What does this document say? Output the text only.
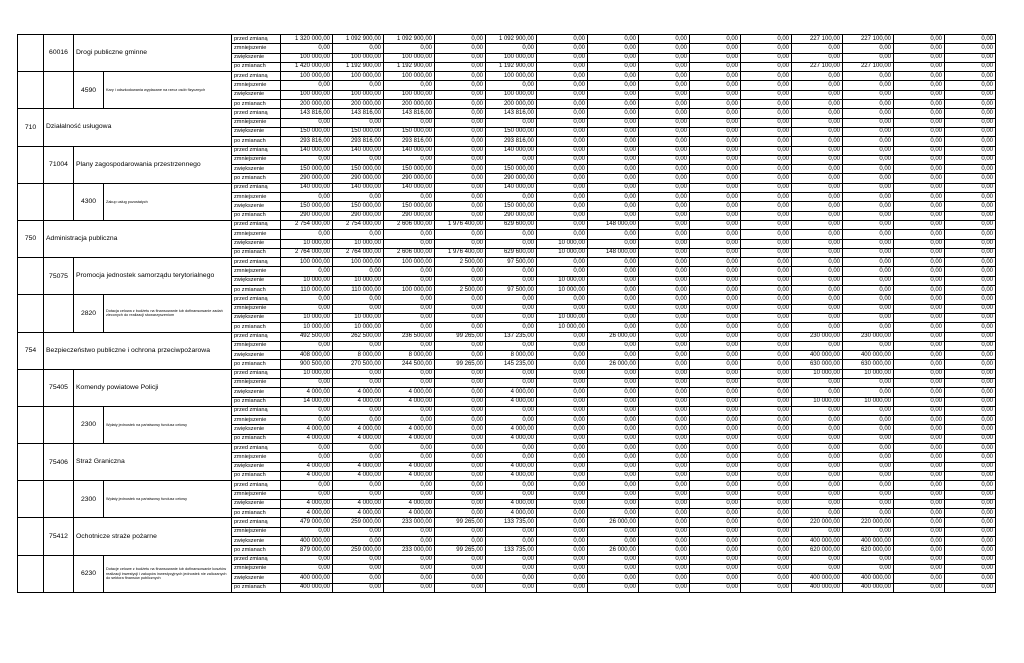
	60016	Drogi publiczne gminne		przed zmianą	1 320 000,00	1 092 900,00	1 092 900,00	0,00	1 092 900,00	0,00	0,00	0,00	0,00	0,00	227 100,00	227 100,00	0,00	0,00
				zmniejszenie	0,00	0,00	0,00	0,00	0,00	0,00	0,00	0,00	0,00	0,00	0,00	0,00	0,00	0,00
				zwiększenie	100 000,00	100 000,00	100 000,00	0,00	100 000,00	0,00	0,00	0,00	0,00	0,00	0,00	0,00	0,00	0,00
				po zmianach	1 420 000,00	1 192 900,00	1 192 900,00	0,00	1 192 900,00	0,00	0,00	0,00	0,00	0,00	227 100,00	227 100,00	0,00	0,00
		4590	Kary i odszkodowania wypłacane na rzecz osób fizycznych	przed zmianą	100 000,00	100 000,00	100 000,00	0,00	100 000,00	0,00	0,00	0,00	0,00	0,00	0,00	0,00	0,00	0,00
				zmniejszenie	0,00	0,00	0,00	0,00	0,00	0,00	0,00	0,00	0,00	0,00	0,00	0,00	0,00	0,00
				zwiększenie	100 000,00	100 000,00	100 000,00	0,00	100 000,00	0,00	0,00	0,00	0,00	0,00	0,00	0,00	0,00	0,00
				po zmianach	200 000,00	200 000,00	200 000,00	0,00	200 000,00	0,00	0,00	0,00	0,00	0,00	0,00	0,00	0,00	0,00
710	Działalność usługowa			przed zmianą	143 816,00	143 816,00	143 816,00	0,00	143 816,00	0,00	0,00	0,00	0,00	0,00	0,00	0,00	0,00	0,00
				zmniejszenie	0,00	0,00	0,00	0,00	0,00	0,00	0,00	0,00	0,00	0,00	0,00	0,00	0,00	0,00
				zwiększenie	150 000,00	150 000,00	150 000,00	0,00	150 000,00	0,00	0,00	0,00	0,00	0,00	0,00	0,00	0,00	0,00
				po zmianach	293 816,00	293 816,00	293 816,00	0,00	293 816,00	0,00	0,00	0,00	0,00	0,00	0,00	0,00	0,00	0,00
	71004	Plany zagospodarowania przestrzennego		przed zmianą	140 000,00	140 000,00	140 000,00	0,00	140 000,00	0,00	0,00	0,00	0,00	0,00	0,00	0,00	0,00	0,00
				zmniejszenie	0,00	0,00	0,00	0,00	0,00	0,00	0,00	0,00	0,00	0,00	0,00	0,00	0,00	0,00
				zwiększenie	150 000,00	150 000,00	150 000,00	0,00	150 000,00	0,00	0,00	0,00	0,00	0,00	0,00	0,00	0,00	0,00
				po zmianach	290 000,00	290 000,00	290 000,00	0,00	290 000,00	0,00	0,00	0,00	0,00	0,00	0,00	0,00	0,00	0,00
		4300	Zakup usług pozostałych	przed zmianą	140 000,00	140 000,00	140 000,00	0,00	140 000,00	0,00	0,00	0,00	0,00	0,00	0,00	0,00	0,00	0,00
				zmniejszenie	0,00	0,00	0,00	0,00	0,00	0,00	0,00	0,00	0,00	0,00	0,00	0,00	0,00	0,00
				zwiększenie	150 000,00	150 000,00	150 000,00	0,00	150 000,00	0,00	0,00	0,00	0,00	0,00	0,00	0,00	0,00	0,00
				po zmianach	290 000,00	290 000,00	290 000,00	0,00	290 000,00	0,00	0,00	0,00	0,00	0,00	0,00	0,00	0,00	0,00
750	Administracja publiczna			przed zmianą	2 754 000,00	2 754 000,00	2 606 000,00	1 976 400,00	629 600,00	0,00	148 000,00	0,00	0,00	0,00	0,00	0,00	0,00	0,00
				zmniejszenie	0,00	0,00	0,00	0,00	0,00	0,00	0,00	0,00	0,00	0,00	0,00	0,00	0,00	0,00
				zwiększenie	10 000,00	10 000,00	0,00	0,00	0,00	10 000,00	0,00	0,00	0,00	0,00	0,00	0,00	0,00	0,00
				po zmianach	2 764 000,00	2 764 000,00	2 606 000,00	1 976 400,00	629 600,00	10 000,00	148 000,00	0,00	0,00	0,00	0,00	0,00	0,00	0,00
	75075	Promocja jednostek samorządu terytorialnego		przed zmianą	100 000,00	100 000,00	100 000,00	2 500,00	97 500,00	0,00	0,00	0,00	0,00	0,00	0,00	0,00	0,00	0,00
				zmniejszenie	0,00	0,00	0,00	0,00	0,00	0,00	0,00	0,00	0,00	0,00	0,00	0,00	0,00	0,00
				zwiększenie	10 000,00	10 000,00	0,00	0,00	0,00	10 000,00	0,00	0,00	0,00	0,00	0,00	0,00	0,00	0,00
				po zmianach	110 000,00	110 000,00	100 000,00	2 500,00	97 500,00	10 000,00	0,00	0,00	0,00	0,00	0,00	0,00	0,00	0,00
		2820	Dotacja celowa z budżetu na finansowanie lub dofinansowanie zadań zleconych do realizacji stowarzyszeniom	przed zmianą	0,00	0,00	0,00	0,00	0,00	0,00	0,00	0,00	0,00	0,00	0,00	0,00	0,00	0,00
				zmniejszenie	0,00	0,00	0,00	0,00	0,00	0,00	0,00	0,00	0,00	0,00	0,00	0,00	0,00	0,00
				zwiększenie	10 000,00	10 000,00	0,00	0,00	0,00	10 000,00	0,00	0,00	0,00	0,00	0,00	0,00	0,00	0,00
				po zmianach	10 000,00	10 000,00	0,00	0,00	0,00	10 000,00	0,00	0,00	0,00	0,00	0,00	0,00	0,00	0,00
754	Bezpieczeństwo publiczne i ochrona przeciwpożarowa			przed zmianą	492 500,00	262 500,00	236 500,00	99 265,00	137 235,00	0,00	26 000,00	0,00	0,00	0,00	230 000,00	230 000,00	0,00	0,00
				zmniejszenie	0,00	0,00	0,00	0,00	0,00	0,00	0,00	0,00	0,00	0,00	0,00	0,00	0,00	0,00
				zwiększenie	408 000,00	8 000,00	8 000,00	0,00	8 000,00	0,00	0,00	0,00	0,00	0,00	400 000,00	400 000,00	0,00	0,00
				po zmianach	900 500,00	270 500,00	244 500,00	99 265,00	145 235,00	0,00	26 000,00	0,00	0,00	0,00	630 000,00	630 000,00	0,00	0,00
	75405	Komendy powiatowe Policji		przed zmianą	10 000,00	0,00	0,00	0,00	0,00	0,00	0,00	0,00	0,00	0,00	10 000,00	10 000,00	0,00	0,00
				zmniejszenie	0,00	0,00	0,00	0,00	0,00	0,00	0,00	0,00	0,00	0,00	0,00	0,00	0,00	0,00
				zwiększenie	4 000,00	4 000,00	4 000,00	0,00	4 000,00	0,00	0,00	0,00	0,00	0,00	0,00	0,00	0,00	0,00
				po zmianach	14 000,00	4 000,00	4 000,00	0,00	4 000,00	0,00	0,00	0,00	0,00	0,00	10 000,00	10 000,00	0,00	0,00
		2300	Wpłaty jednostek na państwowy fundusz celowy	przed zmianą	0,00	0,00	0,00	0,00	0,00	0,00	0,00	0,00	0,00	0,00	0,00	0,00	0,00	0,00
				zmniejszenie	0,00	0,00	0,00	0,00	0,00	0,00	0,00	0,00	0,00	0,00	0,00	0,00	0,00	0,00
				zwiększenie	4 000,00	4 000,00	4 000,00	0,00	4 000,00	0,00	0,00	0,00	0,00	0,00	0,00	0,00	0,00	0,00
				po zmianach	4 000,00	4 000,00	4 000,00	0,00	4 000,00	0,00	0,00	0,00	0,00	0,00	0,00	0,00	0,00	0,00
	75406	Straż Graniczna		przed zmianą	0,00	0,00	0,00	0,00	0,00	0,00	0,00	0,00	0,00	0,00	0,00	0,00	0,00	0,00
				zmniejszenie	0,00	0,00	0,00	0,00	0,00	0,00	0,00	0,00	0,00	0,00	0,00	0,00	0,00	0,00
				zwiększenie	4 000,00	4 000,00	4 000,00	0,00	4 000,00	0,00	0,00	0,00	0,00	0,00	0,00	0,00	0,00	0,00
				po zmianach	4 000,00	4 000,00	4 000,00	0,00	4 000,00	0,00	0,00	0,00	0,00	0,00	0,00	0,00	0,00	0,00
		2300	Wpłaty jednostek na państwowy fundusz celowy	przed zmianą	0,00	0,00	0,00	0,00	0,00	0,00	0,00	0,00	0,00	0,00	0,00	0,00	0,00	0,00
				zmniejszenie	0,00	0,00	0,00	0,00	0,00	0,00	0,00	0,00	0,00	0,00	0,00	0,00	0,00	0,00
				zwiększenie	4 000,00	4 000,00	4 000,00	0,00	4 000,00	0,00	0,00	0,00	0,00	0,00	0,00	0,00	0,00	0,00
				po zmianach	4 000,00	4 000,00	4 000,00	0,00	4 000,00	0,00	0,00	0,00	0,00	0,00	0,00	0,00	0,00	0,00
	75412	Ochotnicze straże pożarne		przed zmianą	479 000,00	259 000,00	233 000,00	99 265,00	133 735,00	0,00	26 000,00	0,00	0,00	0,00	220 000,00	220 000,00	0,00	0,00
				zmniejszenie	0,00	0,00	0,00	0,00	0,00	0,00	0,00	0,00	0,00	0,00	0,00	0,00	0,00	0,00
				zwiększenie	400 000,00	0,00	0,00	0,00	0,00	0,00	0,00	0,00	0,00	0,00	400 000,00	400 000,00	0,00	0,00
				po zmianach	879 000,00	259 000,00	233 000,00	99 265,00	133 735,00	0,00	26 000,00	0,00	0,00	0,00	620 000,00	620 000,00	0,00	0,00
		6230	Dotacje celowe z budżetu na finansowanie lub dofinansowanie kosztów realizacji inwestycji i zakupów inwestycyjnych jednostek nie zaliczanych do sektora finansów publicznych	przed zmianą	0,00	0,00	0,00	0,00	0,00	0,00	0,00	0,00	0,00	0,00	0,00	0,00	0,00	0,00
				zmniejszenie	0,00	0,00	0,00	0,00	0,00	0,00	0,00	0,00	0,00	0,00	0,00	0,00	0,00	0,00
				zwiększenie	400 000,00	0,00	0,00	0,00	0,00	0,00	0,00	0,00	0,00	0,00	400 000,00	400 000,00	0,00	0,00
				po zmianach	400 000,00	0,00	0,00	0,00	0,00	0,00	0,00	0,00	0,00	0,00	400 000,00	400 000,00	0,00	0,00
